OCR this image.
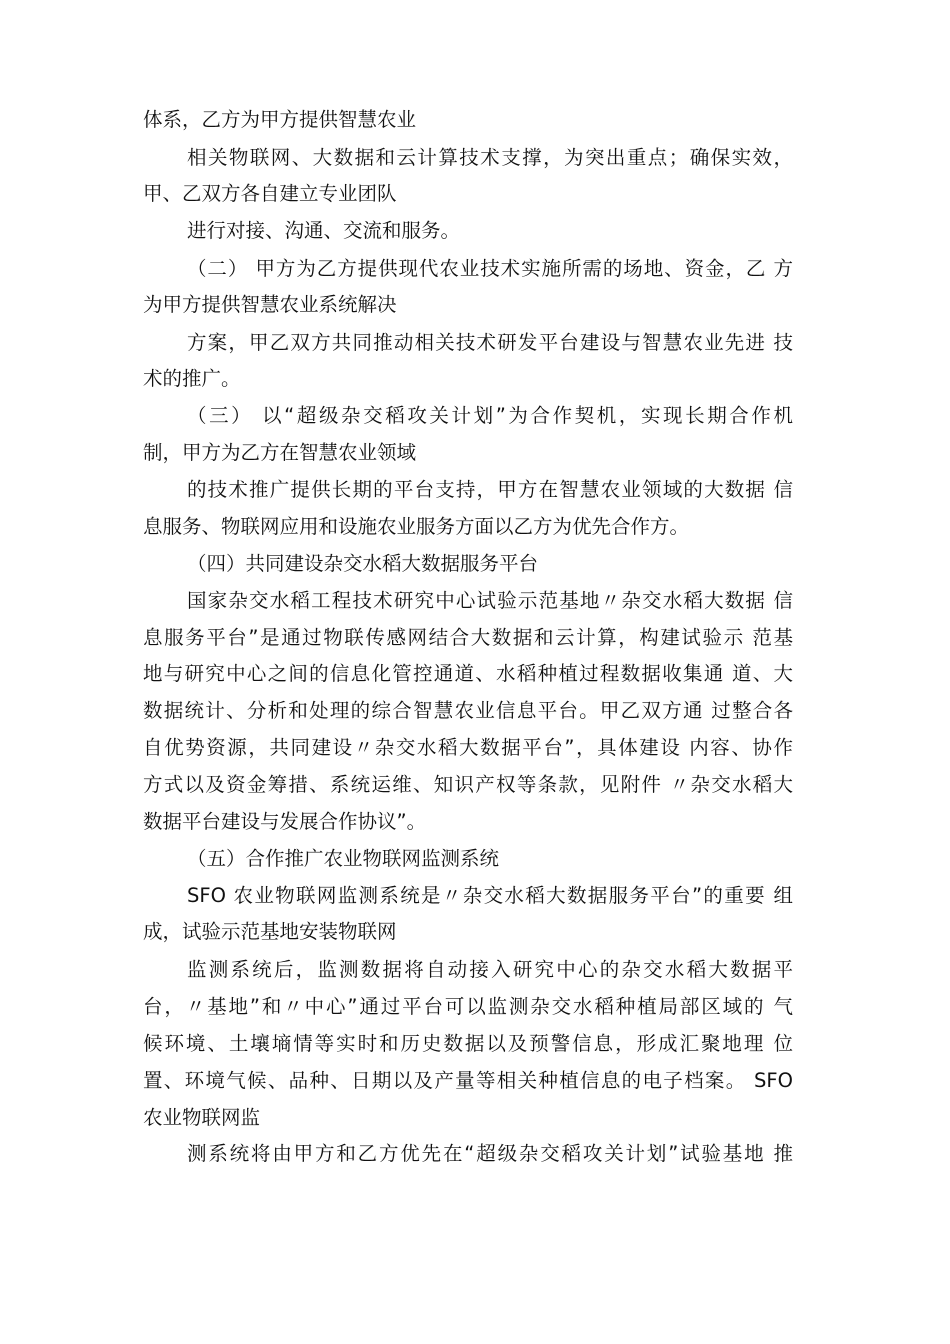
体系，乙方为甲方提供智慧农业
相关物联网、大数据和云计算技术支撑，为突出重点；确保实效，
甲、乙双方各自建立专业团队
进行对接、沟通、交流和服务。
（二） 甲方为乙方提供现代农业技术实施所需的场地、资金，乙 方
为甲方提供智慧农业系统解决
方案，甲乙双方共同推动相关技术研发平台建设与智慧农业先进 技
术的推广。
（三） 以“超级杂交稻攻关计划”为合作契机，实现长期合作机
制，甲方为乙方在智慧农业领域
的技术推广提供长期的平台支持，甲方在智慧农业领域的大数据 信
息服务、物联网应用和设施农业服务方面以乙方为优先合作方。
（四）共同建设杂交水稻大数据服务平台
国家杂交水稻工程技术研究中心试验示范基地〃杂交水稻大数据 信
息服务平台”是通过物联传感网结合大数据和云计算，构建试验示 范基
地与研究中心之间的信息化管控通道、水稻种植过程数据收集通 道、大
数据统计、分析和处理的综合智慧农业信息平台。甲乙双方通 过整合各
自优势资源，共同建设〃杂交水稻大数据平台”，具体建设 内容、协作
方式以及资金筹措、系统运维、知识产权等条款，见附件 〃杂交水稻大
数据平台建设与发展合作协议”。
（五）合作推广农业物联网监测系统
SFO 农业物联网监测系统是〃杂交水稻大数据服务平台”的重要 组
成，试验示范基地安装物联网
监测系统后，监测数据将自动接入研究中心的杂交水稻大数据平
台，〃基地”和〃中心”通过平台可以监测杂交水稻种植局部区域的 气
候环境、土壤墒情等实时和历史数据以及预警信息，形成汇聚地理 位
置、环境气候、品种、日期以及产量等相关种植信息的电子档案。 SFO
农业物联网监
测系统将由甲方和乙方优先在“超级杂交稻攻关计划”试验基地 推
